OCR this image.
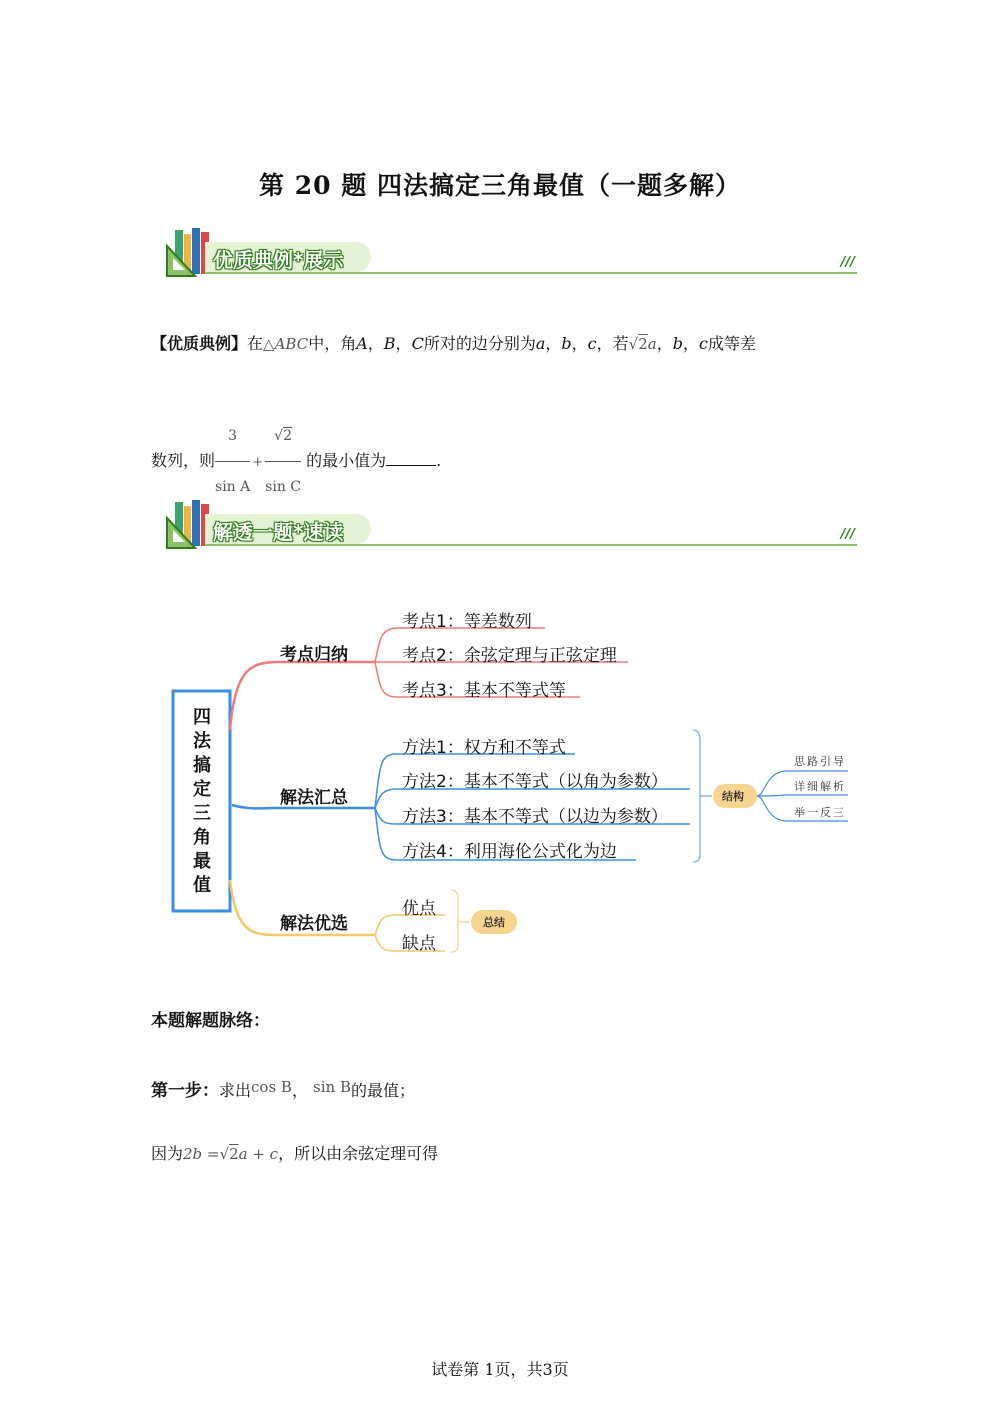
第 20 题 四法搞定三角最值（一题多解）
优质典例*展示	///
【优质典例】在△ABC中，角A，B，C所对的边分别为a，b，c，若√2a，b，c成等差
数列，则 $\frac{3}{\text{sin A}} + \frac{√2}{\text{sin C}}$ 的最小值为	.
解透一题*速读	///
四法搞定三角最值
考点归纳
考点1：等差数列
考点2：余弦定理与正弦定理
考点3：基本不等式等
解法汇总
方法1：权方和不等式
方法2：基本不等式（以角为参数）
方法3：基本不等式（以边为参数）
方法4：利用海伦公式化为边
结构
思路引导
详细解析
举一反三
解法优选
优点
缺点
总结
本题解题脉络：
第一步：求出cos B， sin B的最值；
因为2b =√2a + c，所以由余弦定理可得
试卷第 1页，共3页
